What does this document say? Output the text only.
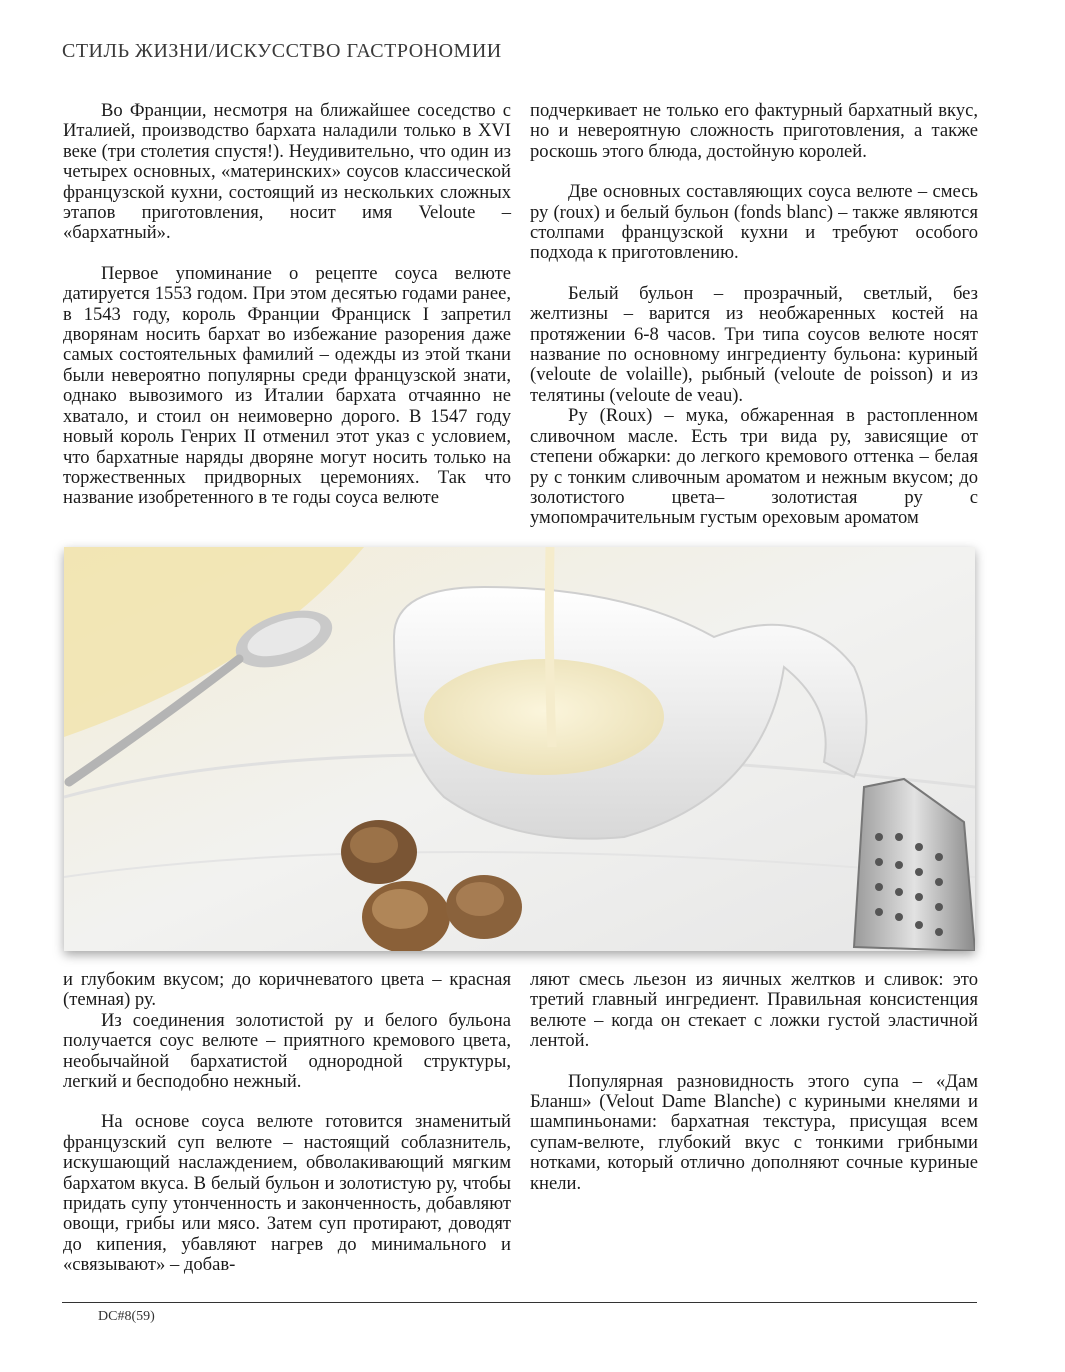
СТИЛЬ ЖИЗНИ/ИСКУССТВО ГАСТРОНОМИИ

Во Франции, несмотря на ближайшее соседство с Италией, производство бархата наладили только в XVI веке (три столетия спустя!). Неудивительно, что один из четырех основных, «материнских» соусов классической французской кухни, состоящий из нескольких сложных этапов приготовления, носит имя Veloute – «бархатный».

Первое упоминание о рецепте соуса велюте датируется 1553 годом. При этом десятью годами ранее, в 1543 году, король Франции Франциск I запретил дворянам носить бархат во избежание разорения даже самых состоятельных фамилий – одежды из этой ткани были невероятно популярны среди французской знати, однако вывозимого из Италии бархата отчаянно не хватало, и стоил он неимоверно дорого. В 1547 году новый король Генрих II отменил этот указ с условием, что бархатные наряды дворяне могут носить только на торжественных придворных церемониях. Так что название изобретенного в те годы соуса велюте

подчеркивает не только его фактурный бархатный вкус, но и невероятную сложность приготовления, а также роскошь этого блюда, достойную королей.

Две основных составляющих соуса велюте – смесь ру (roux) и белый бульон (fonds blanc) – также являются столпами французской кухни и требуют особого подхода к приготовлению.

Белый бульон – прозрачный, светлый, без желтизны – варится из необжаренных костей на протяжении 6-8 часов. Три типа соусов велюте носят название по основному ингредиенту бульона: куриный (veloute de volaille), рыбный (veloute de poisson) и из телятины (veloute de veau).

Ру (Roux) – мука, обжаренная в растопленном сливочном масле. Есть три вида ру, зависящие от степени обжарки: до легкого кремового оттенка – белая ру с тонким сливочным ароматом и нежным вкусом; до золотистого цвета– золотистая ру с умопомрачительным густым ореховым ароматом

и глубоким вкусом; до коричневатого цвета – красная (темная) ру.

Из соединения золотистой ру и белого бульона получается соус велюте – приятного кремового цвета, необычайной бархатистой однородной структуры, легкий и бесподобно нежный.

На основе соуса велюте готовится знаменитый французский суп велюте – настоящий соблазнитель, искушающий наслаждением, обволакивающий мягким бархатом вкуса. В белый бульон и золотистую ру, чтобы придать супу утонченность и законченность, добавляют овощи, грибы или мясо. Затем суп протирают, доводят до кипения, убавляют нагрев до минимального и «связывают» – добав-

ляют смесь льезон из яичных желтков и сливок: это третий главный ингредиент. Правильная консистенция велюте – когда он стекает с ложки густой эластичной лентой.

Популярная разновидность этого супа – «Дам Бланш» (Velout Dame Blanche) с куриными кнелями и шампиньонами: бархатная текстура, присущая всем супам-велюте, глубокий вкус с тонкими грибными нотками, который отлично дополняют сочные куриные кнели.

DC#8(59)
